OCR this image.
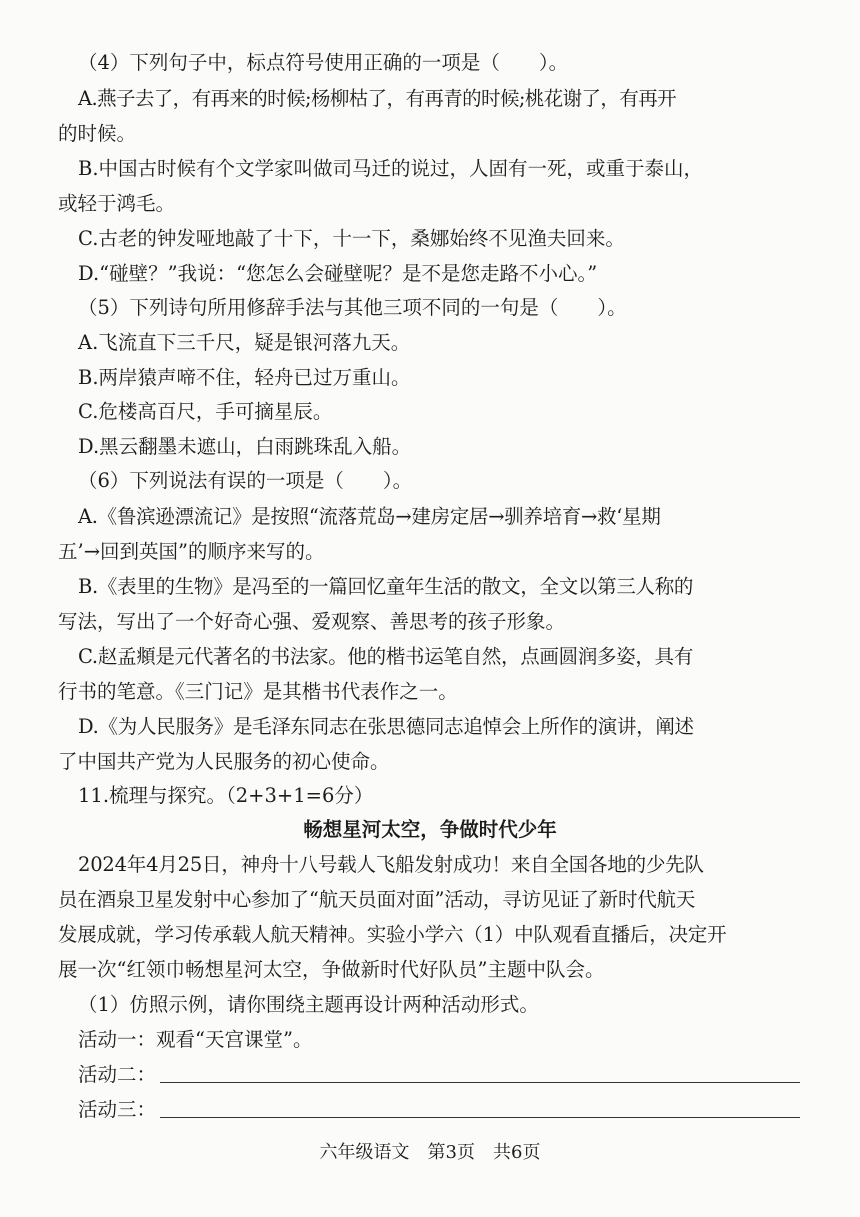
（4）下列句子中，标点符号使用正确的一项是（　　）。
A.燕子去了，有再来的时候;杨柳枯了，有再青的时候;桃花谢了，有再开
的时候。
B.中国古时候有个文学家叫做司马迁的说过，人固有一死，或重于泰山，
或轻于鸿毛。
C.古老的钟发哑地敲了十下，十一下，桑娜始终不见渔夫回来。
D.“碰壁？”我说：“您怎么会碰壁呢？是不是您走路不小心。”
（5）下列诗句所用修辞手法与其他三项不同的一句是（　　）。
A.飞流直下三千尺，疑是银河落九天。
B.两岸猿声啼不住，轻舟已过万重山。
C.危楼高百尺，手可摘星辰。
D.黑云翻墨未遮山，白雨跳珠乱入船。
（6）下列说法有误的一项是（　　）。
A.《鲁滨逊漂流记》是按照“流落荒岛→建房定居→驯养培育→救‘星期
五’→回到英国”的顺序来写的。
B.《表里的生物》是冯至的一篇回忆童年生活的散文，全文以第三人称的
写法，写出了一个好奇心强、爱观察、善思考的孩子形象。
C.赵孟頫是元代著名的书法家。他的楷书运笔自然，点画圆润多姿，具有
行书的笔意。《三门记》是其楷书代表作之一。
D.《为人民服务》是毛泽东同志在张思德同志追悼会上所作的演讲，阐述
了中国共产党为人民服务的初心使命。
11.梳理与探究。（2+3+1=6分）
畅想星河太空，争做时代少年
2024年4月25日，神舟十八号载人飞船发射成功！来自全国各地的少先队
员在酒泉卫星发射中心参加了“航天员面对面”活动，寻访见证了新时代航天
发展成就，学习传承载人航天精神。实验小学六（1）中队观看直播后，决定开
展一次“红领巾畅想星河太空，争做新时代好队员”主题中队会。
（1）仿照示例，请你围绕主题再设计两种活动形式。
活动一：观看“天宫课堂”。
活动二：
活动三：
六年级语文　第3页　共6页
